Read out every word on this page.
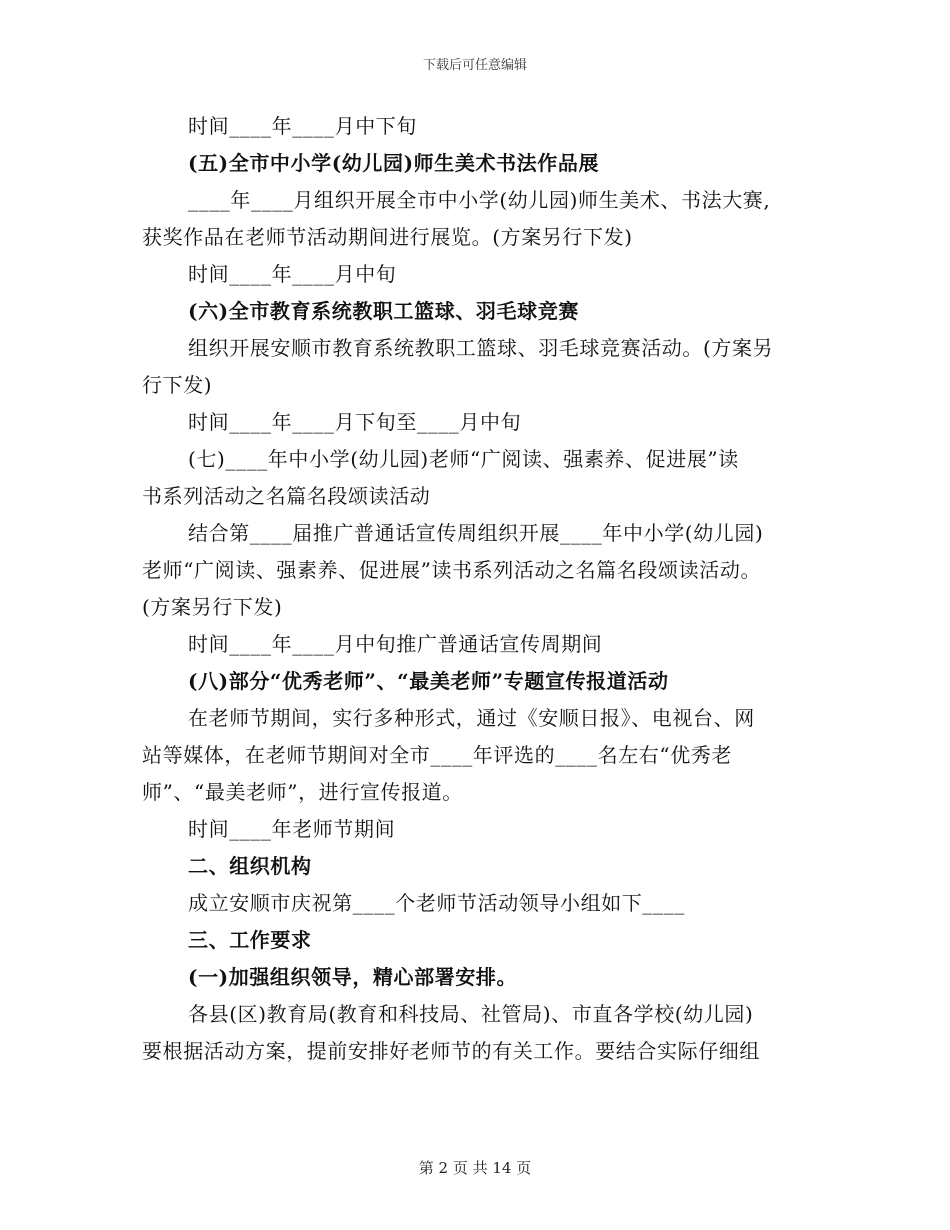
下载后可任意编辑
时间____年____月中下旬
(五)全市中小学(幼儿园)师生美术书法作品展
____年____月组织开展全市中小学(幼儿园)师生美术、书法大赛,
获奖作品在老师节活动期间进行展览。(方案另行下发)
时间____年____月中旬
(六)全市教育系统教职工篮球、羽毛球竞赛
组织开展安顺市教育系统教职工篮球、羽毛球竞赛活动。(方案另
行下发)
时间____年____月下旬至____月中旬
(七)____年中小学(幼儿园)老师“广阅读、强素养、促进展”读
书系列活动之名篇名段颂读活动
结合第____届推广普通话宣传周组织开展____年中小学(幼儿园)
老师“广阅读、强素养、促进展”读书系列活动之名篇名段颂读活动。
(方案另行下发)
时间____年____月中旬推广普通话宣传周期间
(八)部分“优秀老师”、“最美老师”专题宣传报道活动
在老师节期间，实行多种形式，通过《安顺日报》、电视台、网
站等媒体，在老师节期间对全市____年评选的____名左右“优秀老
师”、“最美老师”，进行宣传报道。
时间____年老师节期间
二、组织机构
成立安顺市庆祝第____个老师节活动领导小组如下____
三、工作要求
(一)加强组织领导，精心部署安排。
各县(区)教育局(教育和科技局、社管局)、市直各学校(幼儿园)
要根据活动方案，提前安排好老师节的有关工作。要结合实际仔细组
第 2 页 共 14 页
